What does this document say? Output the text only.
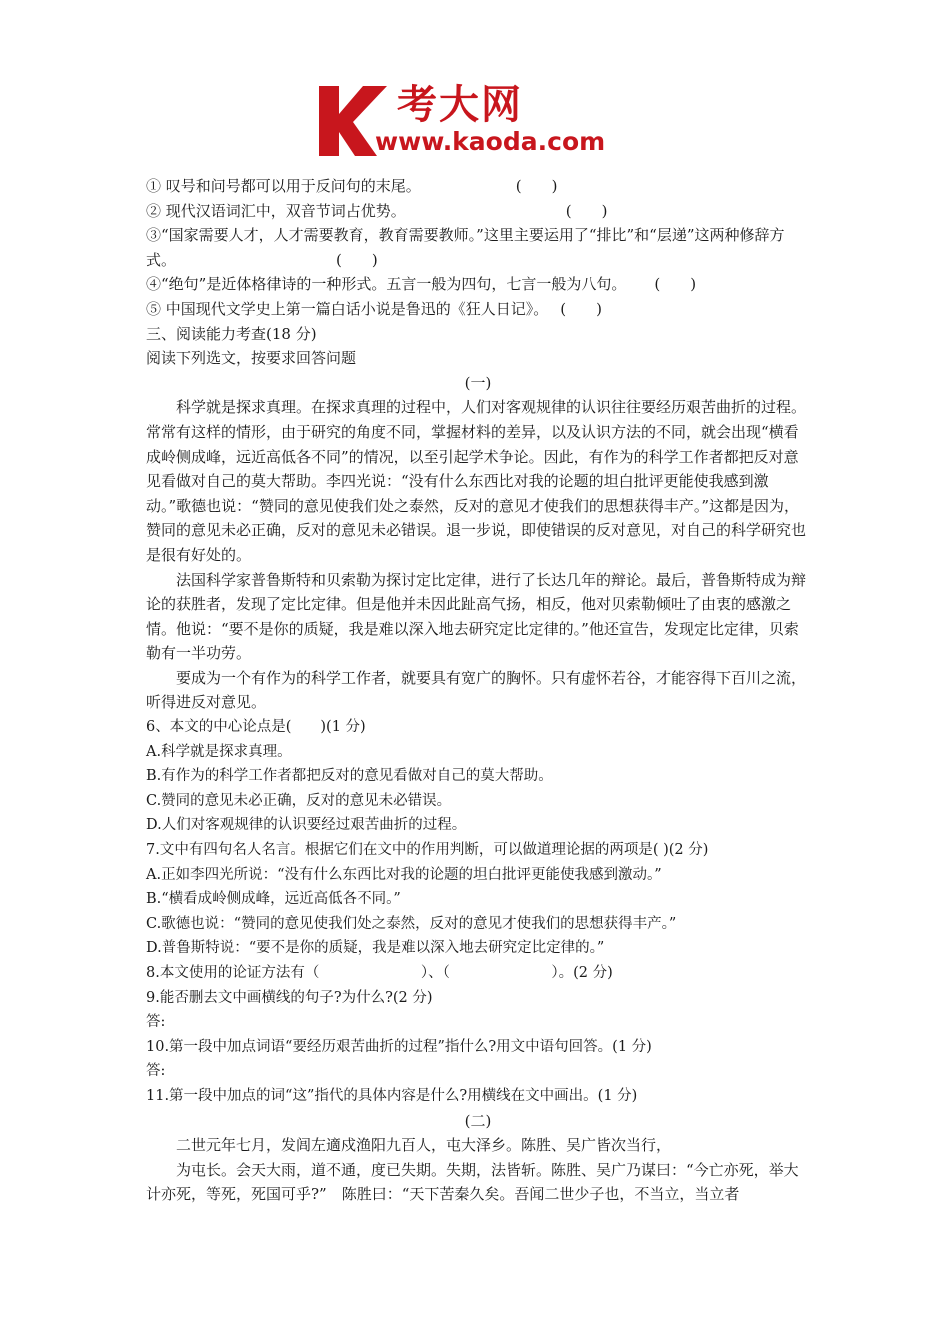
考大网
www.kaoda.com
① 叹号和问号都可以用于反问句的末尾。	(　　)
② 现代汉语词汇中，双音节词占优势。	(　　)
③“国家需要人才，人才需要教育，教育需要教师。”这里主要运用了“排比”和“层递”这两种修辞方式。	(　　)
④“绝句”是近体格律诗的一种形式。五言一般为四句，七言一般为八句。 (　　)
⑤ 中国现代文学史上第一篇白话小说是鲁迅的《狂人日记》。 (　　)
三、阅读能力考查(18 分)
阅读下列选文，按要求回答问题
(一)
科学就是探求真理。在探求真理的过程中，人们对客观规律的认识往往要经历艰苦曲折的过程。常常有这样的情形，由于研究的角度不同，掌握材料的差异，以及认识方法的不同，就会出现“横看成岭侧成峰，远近高低各不同”的情况，以至引起学术争论。因此，有作为的科学工作者都把反对意见看做对自己的莫大帮助。李四光说：“没有什么东西比对我的论题的坦白批评更能使我感到激动。”歌德也说：“赞同的意见使我们处之泰然，反对的意见才使我们的思想获得丰产。”这都是因为，赞同的意见未必正确，反对的意见未必错误。退一步说，即使错误的反对意见，对自己的科学研究也是很有好处的。
法国科学家普鲁斯特和贝索勒为探讨定比定律，进行了长达几年的辩论。最后，普鲁斯特成为辩论的获胜者，发现了定比定律。但是他并未因此趾高气扬，相反，他对贝索勒倾吐了由衷的感激之情。他说：“要不是你的质疑，我是难以深入地去研究定比定律的。”他还宣告，发现定比定律，贝索勒有一半功劳。
要成为一个有作为的科学工作者，就要具有宽广的胸怀。只有虚怀若谷，才能容得下百川之流，听得进反对意见。
6、本文的中心论点是(　　)(1 分)
A.科学就是探求真理。
B.有作为的科学工作者都把反对的意见看做对自己的莫大帮助。
C.赞同的意见未必正确，反对的意见未必错误。
D.人们对客观规律的认识要经过艰苦曲折的过程。
7.文中有四句名人名言。根据它们在文中的作用判断，可以做道理论据的两项是( )(2 分)
A.正如李四光所说：“没有什么东西比对我的论题的坦白批评更能使我感到激动。”
B.“横看成岭侧成峰，远近高低各不同。”
C.歌德也说：“赞同的意见使我们处之泰然，反对的意见才使我们的思想获得丰产。”
D.普鲁斯特说：“要不是你的质疑，我是难以深入地去研究定比定律的。”
8.本文使用的论证方法有（　　　　　　　）、（　　　　　　　）。(2 分)
9.能否删去文中画横线的句子?为什么?(2 分)
答:
10.第一段中加点词语“要经历艰苦曲折的过程”指什么?用文中语句回答。(1 分)
答:
11.第一段中加点的词“这”指代的具体内容是什么?用横线在文中画出。(1 分)
(二)
二世元年七月，发闾左適戍渔阳九百人，屯大泽乡。陈胜、吴广皆次当行，
为屯长。会天大雨，道不通，度已失期。失期，法皆斩。陈胜、吴广乃谋曰：“今亡亦死，举大计亦死，等死，死国可乎?”　陈胜曰：“天下苦秦久矣。吾闻二世少子也，不当立，当立者
